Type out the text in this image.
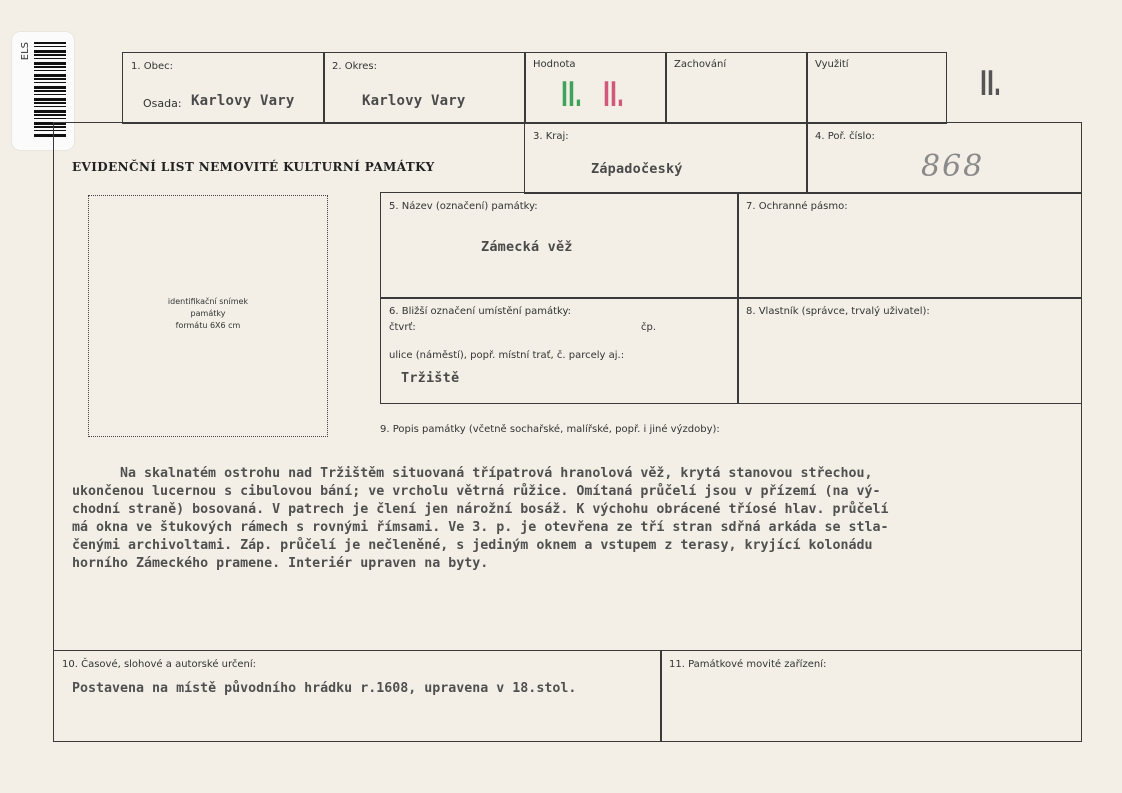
ELS
1. Obec:
Osada: Karlovy Vary
2. Okres:
Karlovy Vary
Hodnota
II. II.
Zachování	Využití	II.
EVIDENČNÍ LIST NEMOVITÉ KULTURNÍ PAMÁTKY
3. Kraj:
Západočeský
4. Poř. číslo:
868
identifikační snímek
památky
formátu 6X6 cm
5. Název (označení) památky:
Zámecká věž
7. Ochranné pásmo:
6. Bližší označení umístění památky:
čtvrť:	čp.
ulice (náměstí), popř. místní trať, č. parcely aj.:
Tržiště
8. Vlastník (správce, trvalý uživatel):
9. Popis památky (včetně sochařské, malířské, popř. i jiné výzdoby):
Na skalnatém ostrohu nad Tržištěm situovaná třípatrová hranolová věž, krytá stanovou střechou,
ukončenou lucernou s cibulovou bání; ve vrcholu větrná růžice. Omítaná průčelí jsou v přízemí (na vý-
chodní straně) bosovaná. V patrech je člení jen nárožní bosáž. K výchohu obrácené tříosé hlav. průčelí
má okna ve štukových rámech s rovnými římsami. Ve 3. p. je otevřena ze tří stran sdřná arkáda se stla-
čenými archivoltami. Záp. průčelí je nečleněné, s jediným oknem a vstupem z terasy, kryjící kolonádu
horního Zámeckého pramene. Interiér upraven na byty.
10. Časové, slohové a autorské určení:
Postavena na místě původního hrádku r.1608, upravena v 18.stol.
11. Památkové movité zařízení:
